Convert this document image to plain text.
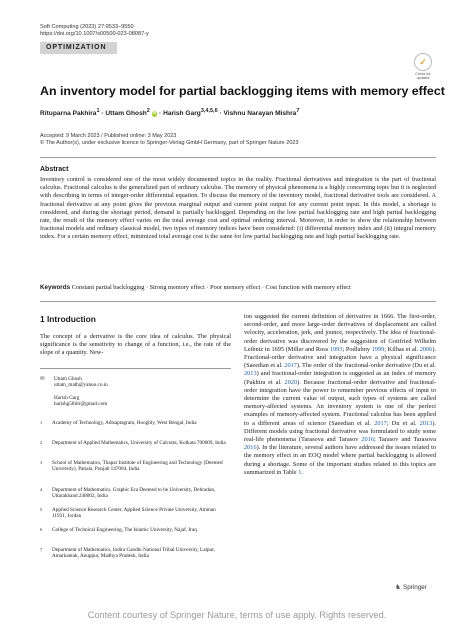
Soft Computing (2023) 27:9533–9550
https://doi.org/10.1007/s00500-023-08087-y
OPTIMIZATION
✓
Check for
updates
An inventory model for partial backlogging items with memory effect
Rituparna Pakhira$^1$ · Uttam Ghosh$^2$ iD · Harish Garg$^{3,4,5,6}$ · Vishnu Narayan Mishra$^7$
Accepted: 9 March 2023 / Published online: 3 May 2023
© The Author(s), under exclusive licence to Springer-Verlag GmbH Germany, part of Springer Nature 2023
Abstract

Inventory control is considered one of the most widely documented topics in the reality. Fractional derivatives and integration is the part of fractional calculus. Fractional calculus is the generalized part of ordinary calculus. The memory of physical phenomena is a highly concerning topic but it is neglected with describing in terms of integer-order differential equation. To discuss the memory of the inventory model, fractional derivative tools are considered. A fractional derivative at any point gives the previous marginal output and current point output for any current point input. In this model, a shortage is considered, and during the shortage period, demand is partially backlogged. Depending on the low partial backlogging rate and high partial backlogging rate, the result of the memory effect varies on the total average cost and optimal ordering interval. Moreover, in order to show the relationship between fractional models and ordinary classical model, two types of memory indices have been considered: (i) differential memory index and (ii) integral memory index. For a certain memory effect, minimized total average cost is the same for low partial backlogging rate and high partial backlogging rate.

Keywords Constant partial backlogging · Strong memory effect · Poor memory effect · Cost function with memory effect
1 Introduction

The concept of a derivative is the core idea of calculus. The physical significance is the sensitivity to change of a function, i.e., the rate of the slope of a quantity. New-

✉ Uttam Ghosh
uttam_math@yahoo.co.in
Harish Garg
harishg58iitr@gmail.com
1	Academy of Technology, Adisaptagram, Hooghly, West Bengal, India
2	Department of Applied Mathematics, University of Calcutta, Kolkata 700009, India
3	School of Mathematics, Thapar Institute of Engineering and Technology (Deemed University), Patiala, Punjab 147004, India
4	Department of Mathematics, Graphic Era Deemed to be University, Dehradun, Uttarakhand 248002, India
5	Applied Science Research Center, Applied Science Private University, Amman 11931, Jordan
6	College of Technical Engineering, The Islamic University, Najaf, Iraq
7	Department of Mathematics, Indira Gandhi National Tribal University, Lalpur, Amarkantak, Anuppur, Madhya Pradesh, India

ton suggested the current definition of derivative in 1666. The first-order, second-order, and more large-order derivatives of displacement are called velocity, acceleration, jerk, and jounce, respectively. The idea of fractional-order derivative was discovered by the suggestion of Gottfried Wilhelm Leibniz in 1695 (Miller and Ross 1993; Podlubny 1999; Kilbas et al. 2006). Fractional-order derivative and integration have a physical significance (Saeedian et al. 2017). The order of the fractional-order derivative (Du et al. 2013) and fractional-order integration is suggested as an index of memory (Pakhira et al. 2020). Because fractional-order derivative and fractional-order integration have the power to remember previous effects of input to determine the current value of output, such types of systems are called memory-affected systems. An inventory system is one of the perfect examples of memory-affected system. Fractional calculus has been applied to a different areas of science (Saeedian et al. 2017; Du et al. 2013). Different models using fractional derivative was formulated to study some real-life phenomena (Tarasova and Tarasov 2016; Tarasov and Tarasova 2016). In the literature, several authors have addressed the issues related to the memory effect in an EOQ model where partial backlogging is allowed during a shortage. Some of the important studies related to this topics are summarized in Table 1.

♞ Springer
Content courtesy of Springer Nature, terms of use apply. Rights reserved.
